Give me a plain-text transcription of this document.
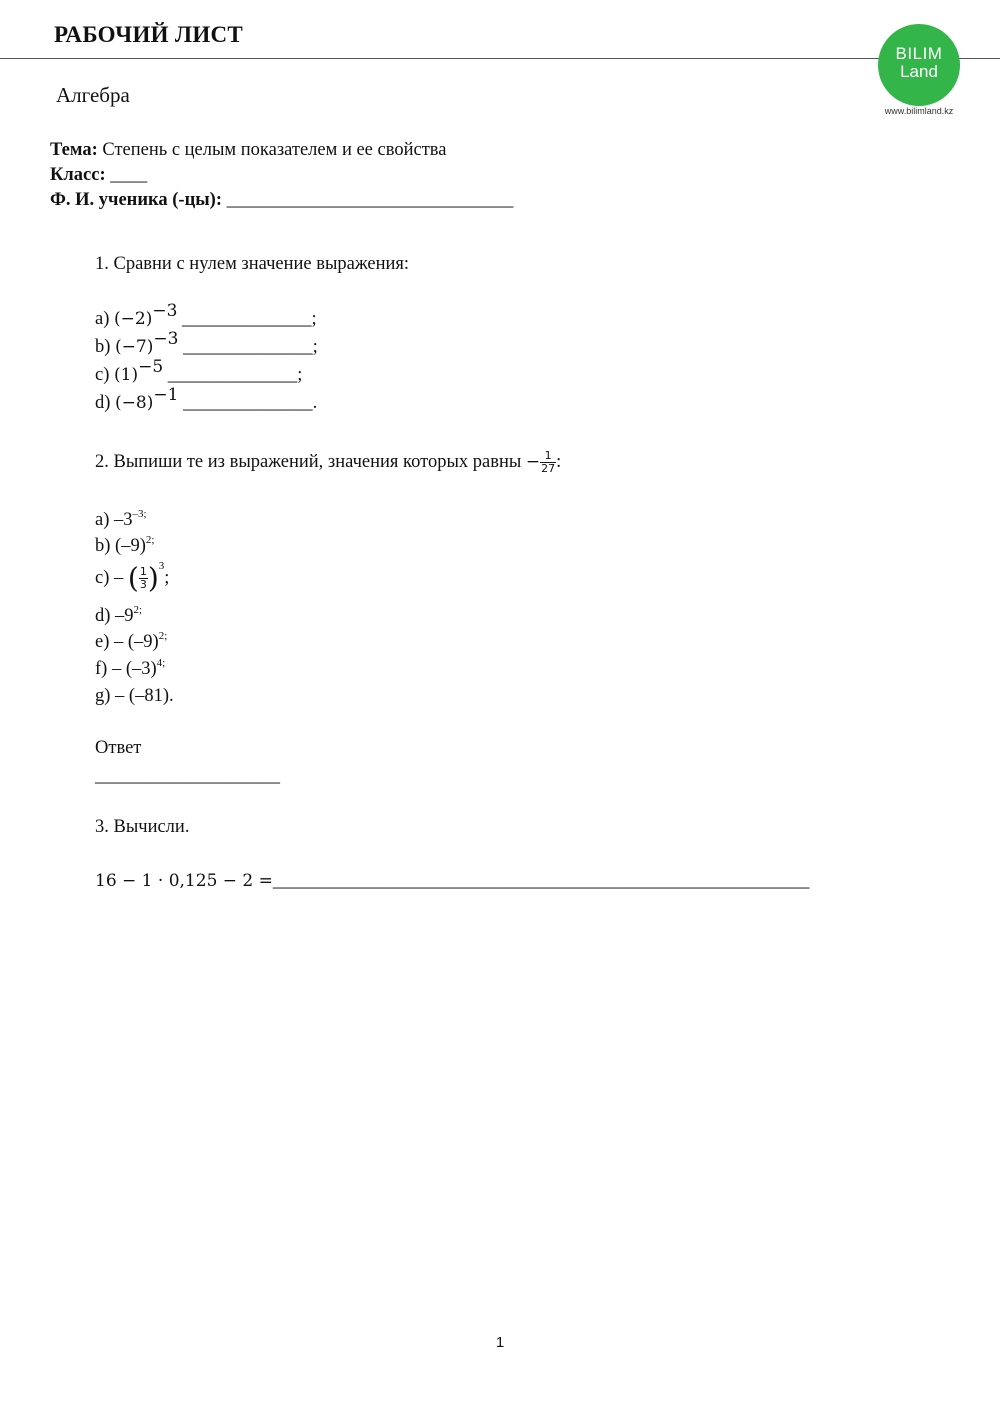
РАБОЧИЙ ЛИСТ
BILIM
Land
www.bilimland.kz
Алгебра
Тема: Степень с целым показателем и ее свойства
Класс: ____
Ф. И. ученика (-цы): _______________________________
1. Сравни с нулем значение выражения:
a) $(-2)^{-3}$ ______________;
b) $(-7)^{-3}$ ______________;
c) $(1)^{-5}$ ______________;
d) $(-8)^{-1}$ ______________.
2. Выпиши те из выражений, значения которых равны − $\frac{1}{27}$ :
a) $-3^{-3;}$
b) $(-9)^{2;}$
c) – ( $\frac{1}{3} )^3$;
d) $-9^{2;}$
$e) - (-9)^{2;}$
$f) - (-3)^{4;}$
g) – (–81).
Ответ
____________________
3. Вычисли.
16 − 1 · 0,125 − 2 =__________________________________________________________
1
